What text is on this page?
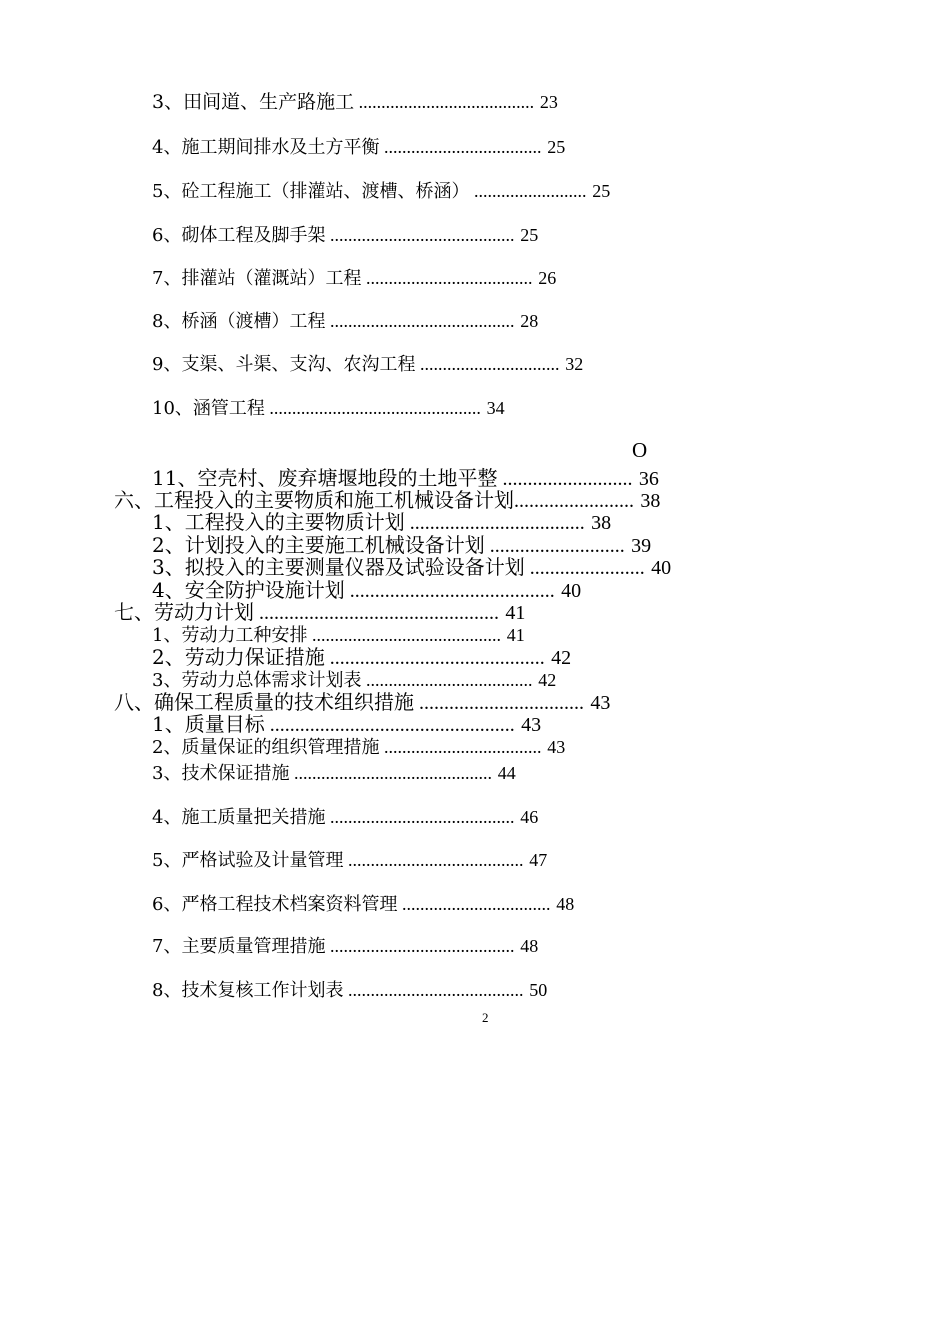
3、田间道、生产路施工 ....................................... 23
4、施工期间排水及土方平衡 ................................... 25
5、砼工程施工（排灌站、渡槽、桥涵） ......................... 25
6、砌体工程及脚手架 ......................................... 25
7、排灌站（灌溉站）工程 ..................................... 26
8、桥涵（渡槽）工程 ......................................... 28
9、支渠、斗渠、支沟、农沟工程 ............................... 32
10、涵管工程 ............................................... 34
O
11、空壳村、废弃塘堰地段的土地平整 .......................... 36
六、工程投入的主要物质和施工机械设备计划........................ 38
1、工程投入的主要物质计划 ................................... 38
2、计划投入的主要施工机械设备计划 ........................... 39
3、拟投入的主要测量仪器及试验设备计划 ....................... 40
4、安全防护设施计划 ......................................... 40
七、劳动力计划 ................................................ 41
1、劳动力工种安排 .......................................... 41
2、劳动力保证措施 ........................................... 42
3、劳动力总体需求计划表 ..................................... 42
八、确保工程质量的技术组织措施 ................................. 43
1、质量目标 ................................................. 43
2、质量保证的组织管理措施 ................................... 43
3、技术保证措施 ............................................ 44
4、施工质量把关措施 ......................................... 46
5、严格试验及计量管理 ....................................... 47
6、严格工程技术档案资料管理 ................................. 48
7、主要质量管理措施 ......................................... 48
8、技术复核工作计划表 ....................................... 50
2
